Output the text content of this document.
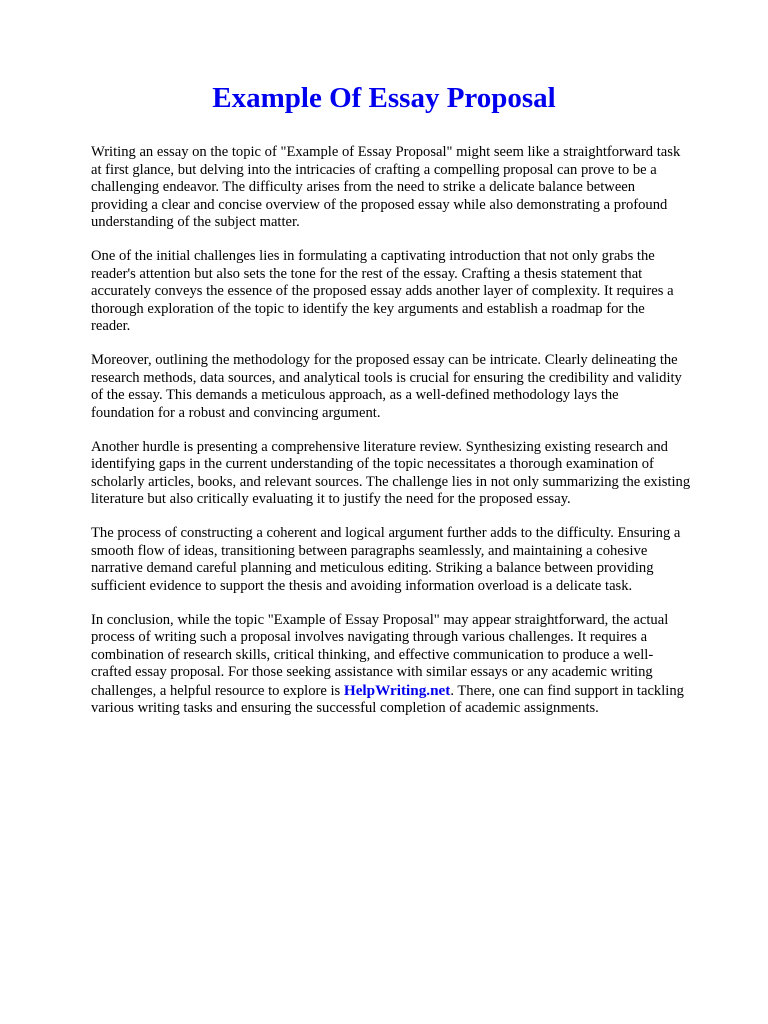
Example Of Essay Proposal

Writing an essay on the topic of "Example of Essay Proposal" might seem like a straightforward task
at first glance, but delving into the intricacies of crafting a compelling proposal can prove to be a
challenging endeavor. The difficulty arises from the need to strike a delicate balance between
providing a clear and concise overview of the proposed essay while also demonstrating a profound
understanding of the subject matter.

One of the initial challenges lies in formulating a captivating introduction that not only grabs the
reader's attention but also sets the tone for the rest of the essay. Crafting a thesis statement that
accurately conveys the essence of the proposed essay adds another layer of complexity. It requires a
thorough exploration of the topic to identify the key arguments and establish a roadmap for the
reader.

Moreover, outlining the methodology for the proposed essay can be intricate. Clearly delineating the
research methods, data sources, and analytical tools is crucial for ensuring the credibility and validity
of the essay. This demands a meticulous approach, as a well-defined methodology lays the
foundation for a robust and convincing argument.

Another hurdle is presenting a comprehensive literature review. Synthesizing existing research and
identifying gaps in the current understanding of the topic necessitates a thorough examination of
scholarly articles, books, and relevant sources. The challenge lies in not only summarizing the existing
literature but also critically evaluating it to justify the need for the proposed essay.

The process of constructing a coherent and logical argument further adds to the difficulty. Ensuring a
smooth flow of ideas, transitioning between paragraphs seamlessly, and maintaining a cohesive
narrative demand careful planning and meticulous editing. Striking a balance between providing
sufficient evidence to support the thesis and avoiding information overload is a delicate task.

In conclusion, while the topic "Example of Essay Proposal" may appear straightforward, the actual
process of writing such a proposal involves navigating through various challenges. It requires a
combination of research skills, critical thinking, and effective communication to produce a well-
crafted essay proposal. For those seeking assistance with similar essays or any academic writing
challenges, a helpful resource to explore is HelpWriting.net. There, one can find support in tackling
various writing tasks and ensuring the successful completion of academic assignments.
